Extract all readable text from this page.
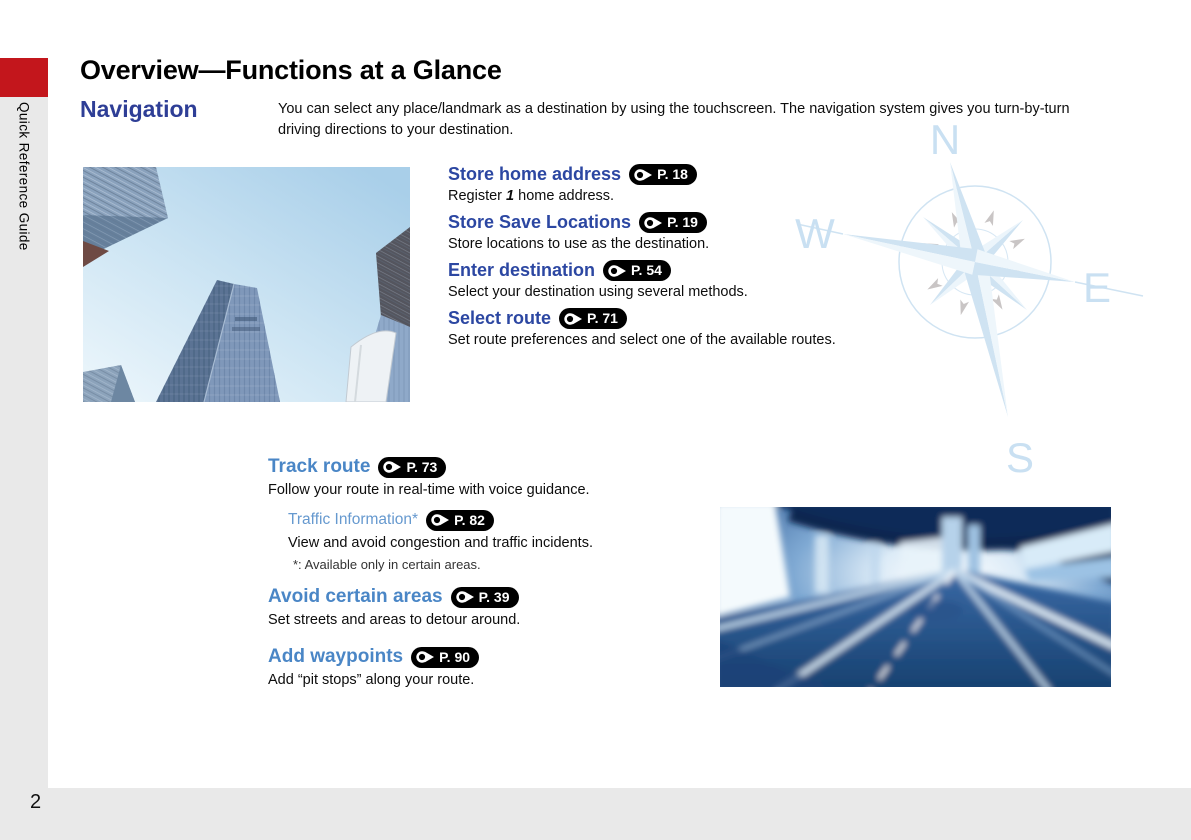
Quick Reference Guide
Overview—Functions at a Glance
Navigation	You can select any place/landmark as a destination by using the touchscreen. The navigation system gives you turn-by-turn driving directions to your destination.	N
W
E
S
Store home address	P. 18
Register 1 home address.
Store Save Locations	P. 19
Store locations to use as the destination.
Enter destination	P. 54
Select your destination using several methods.
Select route	P. 71
Set route preferences and select one of the available routes.
Track route	P. 73
Follow your route in real-time with voice guidance.
Traffic Information*	P. 82
View and avoid congestion and traffic incidents.
*: Available only in certain areas.
Avoid certain areas	P. 39
Set streets and areas to detour around.
Add waypoints	P. 90
Add “pit stops” along your route.
2
